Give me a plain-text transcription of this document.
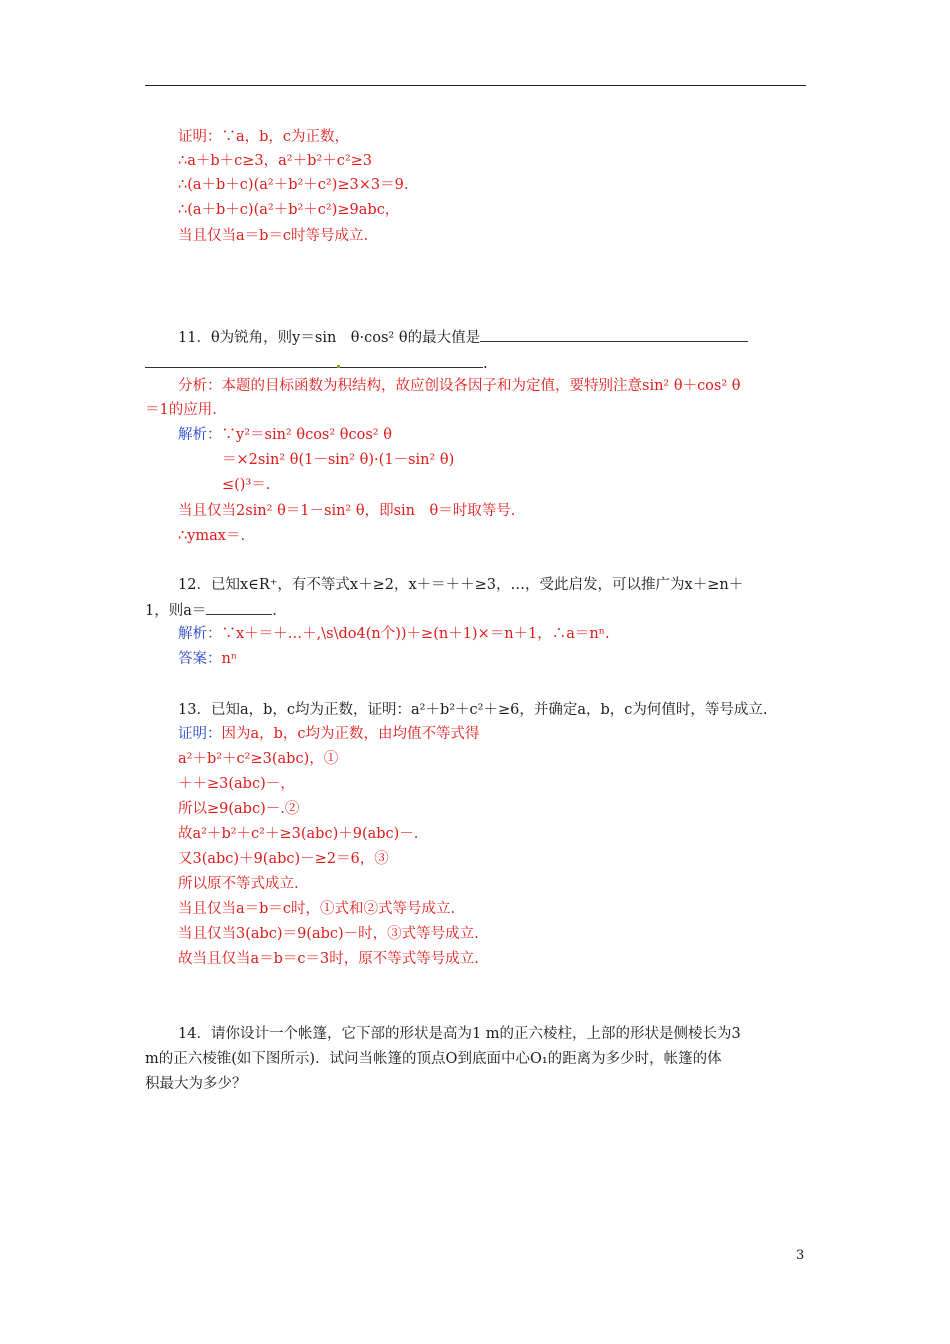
证明：∵a，b，c为正数，
∴a＋b＋c≥3，a²＋b²＋c²≥3
∴(a＋b＋c)(a²＋b²＋c²)≥3×3＝9.
∴(a＋b＋c)(a²＋b²＋c²)≥9abc，
当且仅当a＝b＝c时等号成立.
11．θ为锐角，则y＝sin　θ·cos² θ的最大值是
.
分析：本题的目标函数为积结构，故应创设各因子和为定值，要特别注意sin² θ＋cos² θ
＝1的应用.
解析：∵y²＝sin² θcos² θcos² θ
＝×2sin² θ(1－sin² θ)·(1－sin² θ)
≤()³＝.
当且仅当2sin² θ＝1－sin² θ，即sin　θ＝时取等号.
∴ymax＝.
12．已知x∈R⁺，有不等式x＋≥2，x＋＝＋＋≥3，…，受此启发，可以推广为x＋≥n＋
1，则a＝	．
解析：∵x＋＝＋…＋,\s\do4(n个))＋≥(n＋1)×＝n＋1，∴a＝nⁿ.
答案：nⁿ
13．已知a，b，c均为正数，证明：a²＋b²＋c²＋≥6，并确定a，b，c为何值时，等号成立.
证明：因为a，b，c均为正数，由均值不等式得
a²＋b²＋c²≥3(abc)，①
＋＋≥3(abc)－，
所以≥9(abc)－.②
故a²＋b²＋c²＋≥3(abc)＋9(abc)－.
又3(abc)＋9(abc)－≥2＝6，③
所以原不等式成立.
当且仅当a＝b＝c时，①式和②式等号成立.
当且仅当3(abc)＝9(abc)－时，③式等号成立.
故当且仅当a＝b＝c＝3时，原不等式等号成立.
14．请你设计一个帐篷，它下部的形状是高为1 m的正六棱柱，上部的形状是侧棱长为3
m的正六棱锥(如下图所示)．试问当帐篷的顶点O到底面中心O₁的距离为多少时，帐篷的体
积最大为多少？
3
